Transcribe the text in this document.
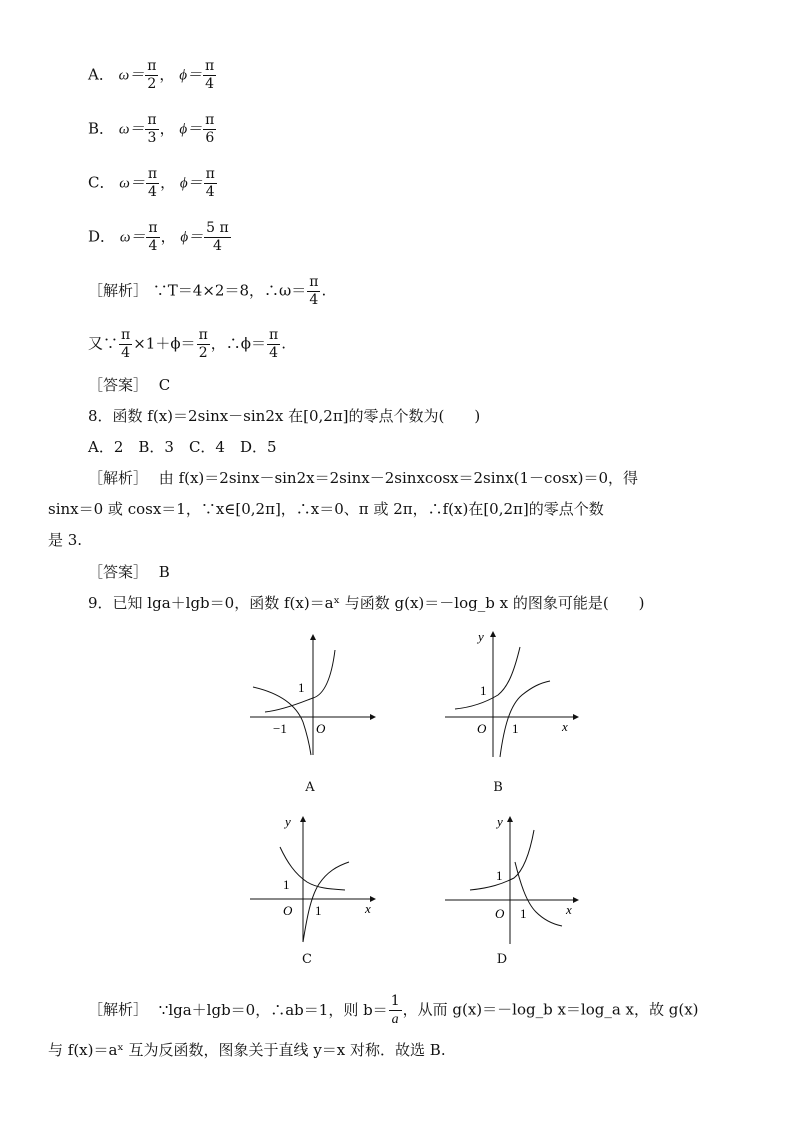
A． $\omega= \frac{\pi}{2}$ ， $\phi= \frac{\pi}{4}$
B． $\omega= \frac{\pi}{3}$ ， $\phi= \frac{\pi}{6}$
C． $\omega= \frac{\pi}{4}$ ， $\phi= \frac{\pi}{4}$
D． $\omega= \frac{\pi}{4}$ ， $\phi= \frac{5 \pi}{4}$
［解析］ ∵T＝4×2＝8，∴ω＝ $\frac{\pi}{4}$ .
又∵ $\frac{\pi}{4} \times 1+\phi= \frac{\pi}{2}$ ，∴ϕ＝ $\frac{\pi}{4}$ .
［答案］ C
8．函数 f(x)＝2sinx－sin2x 在[0,2π]的零点个数为(　　)
A．2　B．3　C．4　D．5
［解析］ 由 f(x)＝2sinx－sin2x＝2sinx－2sinxcosx＝2sinx(1－cosx)＝0，得
sinx＝0 或 cosx＝1，∵x∈[0,2π]，∴x＝0、π 或 2π，∴f(x)在[0,2π]的零点个数
是 3.
［答案］ B
9．已知 lga＋lgb＝0，函数 f(x)＝aˣ 与函数 g(x)＝－log_b x 的图象可能是(　　)
1
−1 O
A
1
1
O	x
y
B
1
1
O	x
y
C
1
1
O	x
y
D
［解析］ ∵lga＋lgb＝0，∴ab＝1，则 $b= \frac{1}{a}$ ，从而 g(x)＝－log_b x＝log_a x，故 g(x)
与 f(x)＝aˣ 互为反函数，图象关于直线 y＝x 对称．故选 B.
